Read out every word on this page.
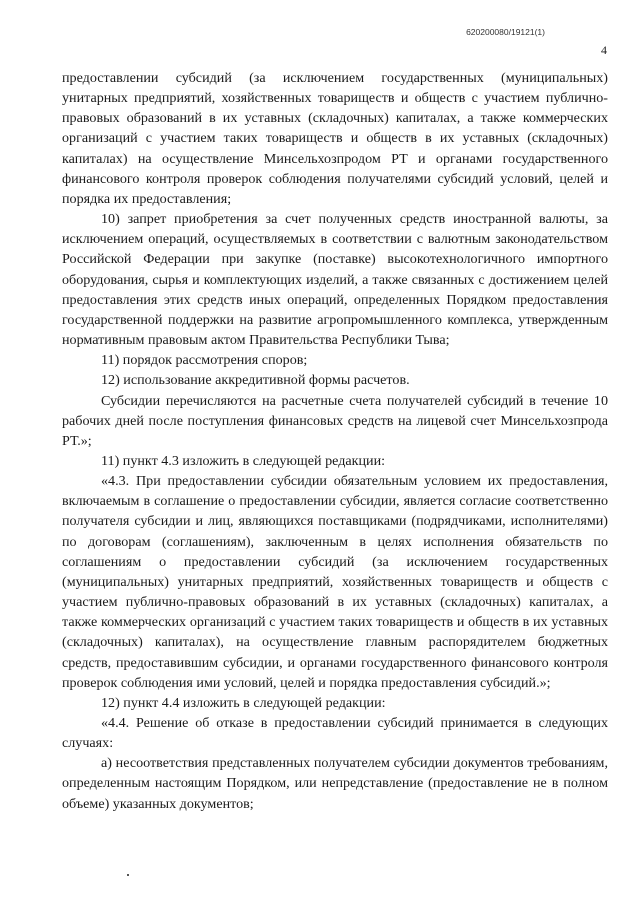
620200080/19121(1)
4

предоставлении субсидий (за исключением государственных (муниципальных) унитарных предприятий, хозяйственных товариществ и обществ с участием публично-правовых образований в их уставных (складочных) капиталах, а также коммерческих организаций с участием таких товариществ и обществ в их уставных (складочных) капиталах) на осуществление Минсельхозпродом РТ и органами государственного финансового контроля проверок соблюдения получателями субсидий условий, целей и порядка их предоставления;

10) запрет приобретения за счет полученных средств иностранной валюты, за исключением операций, осуществляемых в соответствии с валютным законодательством Российской Федерации при закупке (поставке) высокотехнологичного импортного оборудования, сырья и комплектующих изделий, а также связанных с достижением целей предоставления этих средств иных операций, определенных Порядком предоставления государственной поддержки на развитие агропромышленного комплекса, утвержденным нормативным правовым актом Правительства Республики Тыва;

11) порядок рассмотрения споров;

12) использование аккредитивной формы расчетов.

Субсидии перечисляются на расчетные счета получателей субсидий в течение 10 рабочих дней после поступления финансовых средств на лицевой счет Минсельхозпрода РТ.»;

11) пункт 4.3 изложить в следующей редакции:

«4.3. При предоставлении субсидии обязательным условием их предоставления, включаемым в соглашение о предоставлении субсидии, является согласие соответственно получателя субсидии и лиц, являющихся поставщиками (подрядчиками, исполнителями) по договорам (соглашениям), заключенным в целях исполнения обязательств по соглашениям о предоставлении субсидий (за исключением государственных (муниципальных) унитарных предприятий, хозяйственных товариществ и обществ с участием публично-правовых образований в их уставных (складочных) капиталах, а также коммерческих организаций с участием таких товариществ и обществ в их уставных (складочных) капиталах), на осуществление главным распорядителем бюджетных средств, предоставившим субсидии, и органами государственного финансового контроля проверок соблюдения ими условий, целей и порядка предоставления субсидий.»;

12) пункт 4.4 изложить в следующей редакции:

«4.4. Решение об отказе в предоставлении субсидий принимается в следующих случаях:

а) несоответствия представленных получателем субсидии документов требованиям, определенным настоящим Порядком, или непредставление (предоставление не в полном объеме) указанных документов;
